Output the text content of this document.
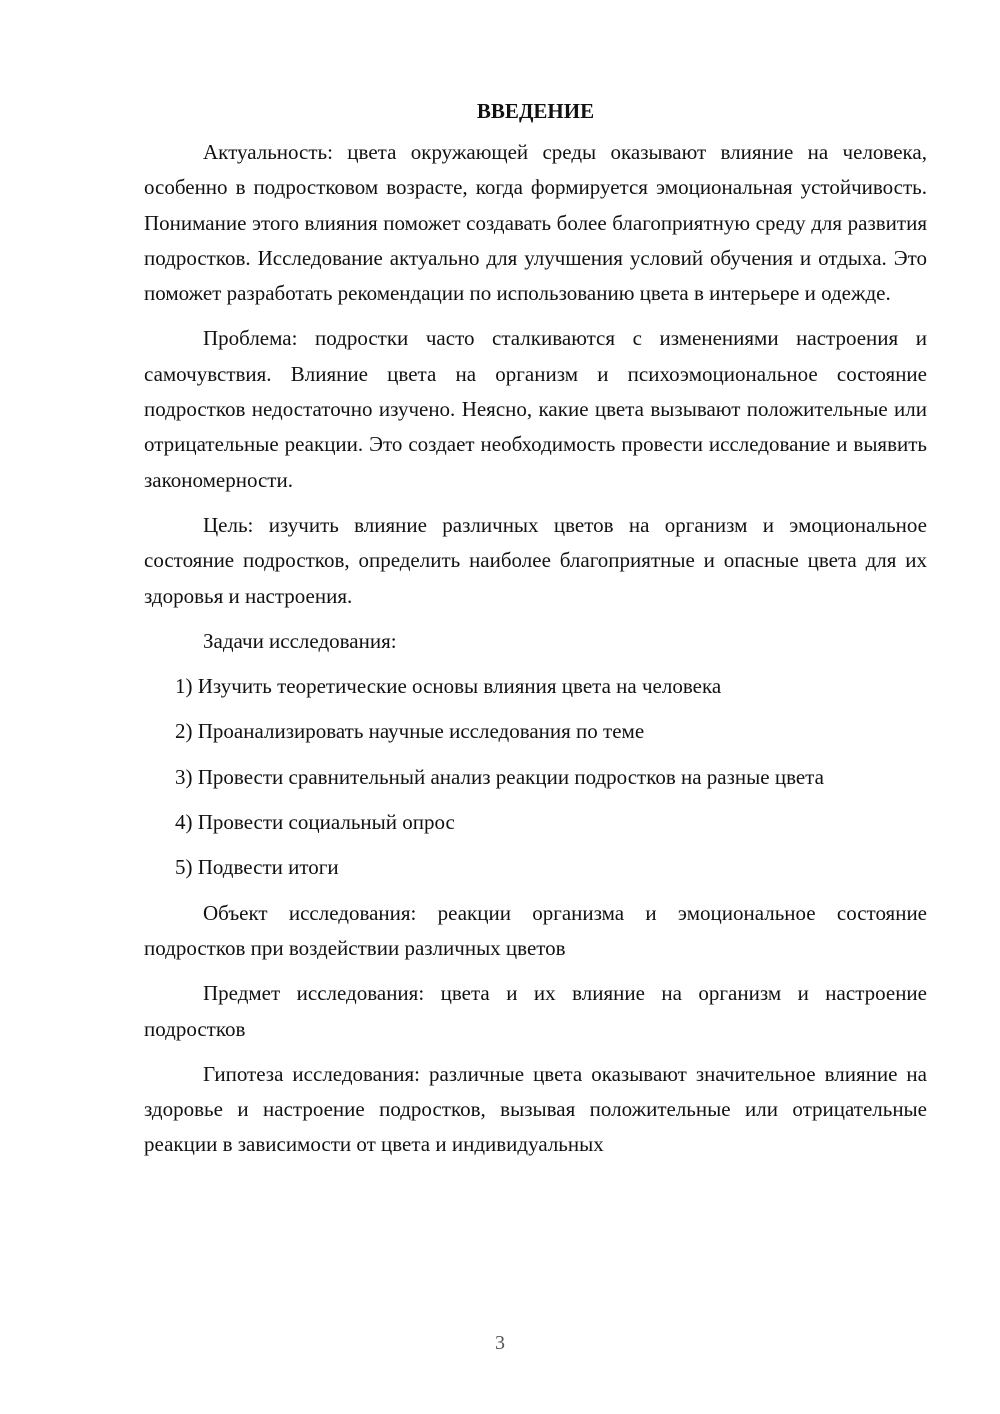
ВВЕДЕНИЕ

Актуальность: цвета окружающей среды оказывают влияние на человека, особенно в подростковом возрасте, когда формируется эмоциональная устойчивость. Понимание этого влияния поможет создавать более благоприятную среду для развития подростков. Исследование актуально для улучшения условий обучения и отдыха. Это поможет разработать рекомендации по использованию цвета в интерьере и одежде.

Проблема: подростки часто сталкиваются с изменениями настроения и самочувствия. Влияние цвета на организм и психоэмоциональное состояние подростков недостаточно изучено. Неясно, какие цвета вызывают положительные или отрицательные реакции. Это создает необходимость провести исследование и выявить закономерности.

Цель: изучить влияние различных цветов на организм и эмоциональное состояние подростков, определить наиболее благоприятные и опасные цвета для их здоровья и настроения.

Задачи исследования:

1) Изучить теоретические основы влияния цвета на человека

2) Проанализировать научные исследования по теме

3) Провести сравнительный анализ реакции подростков на разные цвета

4) Провести социальный опрос

5) Подвести итоги

Объект исследования: реакции организма и эмоциональное состояние подростков при воздействии различных цветов

Предмет исследования: цвета и их влияние на организм и настроение подростков

Гипотеза исследования: различные цвета оказывают значительное влияние на здоровье и настроение подростков, вызывая положительные или отрицательные реакции в зависимости от цвета и индивидуальных

3
